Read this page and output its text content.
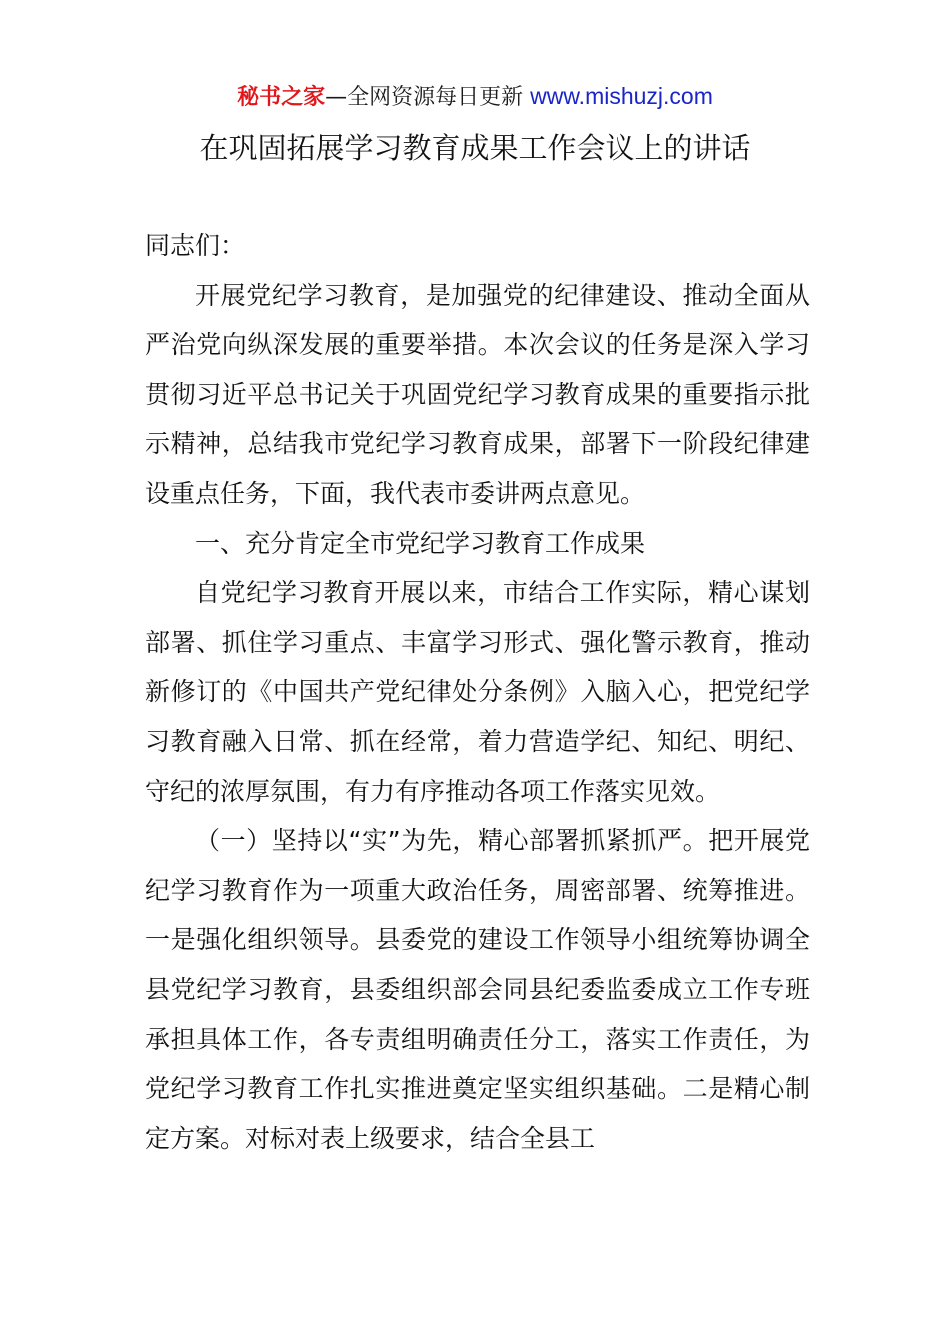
秘书之家—全网资源每日更新 www.mishuzj.com
在巩固拓展学习教育成果工作会议上的讲话

同志们：

开展党纪学习教育，是加强党的纪律建设、推动全面从严治党向纵深发展的重要举措。本次会议的任务是深入学习贯彻习近平总书记关于巩固党纪学习教育成果的重要指示批示精神，总结我市党纪学习教育成果，部署下一阶段纪律建设重点任务，下面，我代表市委讲两点意见。

一、充分肯定全市党纪学习教育工作成果

自党纪学习教育开展以来，市结合工作实际，精心谋划部署、抓住学习重点、丰富学习形式、强化警示教育，推动新修订的《中国共产党纪律处分条例》入脑入心，把党纪学习教育融入日常、抓在经常，着力营造学纪、知纪、明纪、守纪的浓厚氛围，有力有序推动各项工作落实见效。

（一）坚持以“实”为先，精心部署抓紧抓严。把开展党纪学习教育作为一项重大政治任务，周密部署、统筹推进。一是强化组织领导。县委党的建设工作领导小组统筹协调全县党纪学习教育，县委组织部会同县纪委监委成立工作专班承担具体工作，各专责组明确责任分工，落实工作责任，为党纪学习教育工作扎实推进奠定坚实组织基础。二是精心制定方案。对标对表上级要求，结合全县工
